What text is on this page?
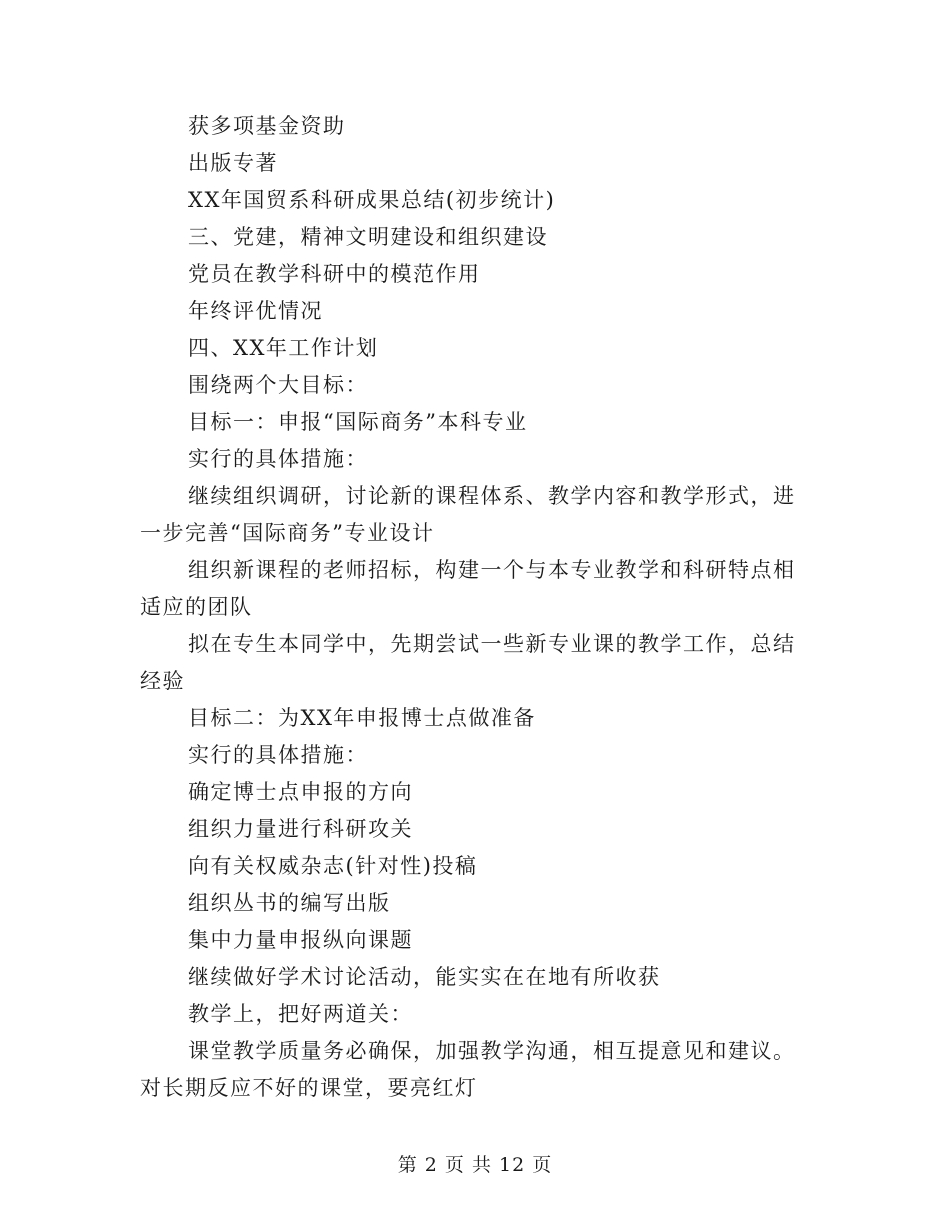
获多项基金资助

出版专著

XX年国贸系科研成果总结(初步统计)

三、党建，精神文明建设和组织建设

党员在教学科研中的模范作用

年终评优情况

四、XX年工作计划

围绕两个大目标：

目标一：申报“国际商务”本科专业

实行的具体措施：

继续组织调研，讨论新的课程体系、教学内容和教学形式，进一步完善“国际商务”专业设计

组织新课程的老师招标，构建一个与本专业教学和科研特点相适应的团队

拟在专生本同学中，先期尝试一些新专业课的教学工作，总结经验

目标二：为XX年申报博士点做准备

实行的具体措施：

确定博士点申报的方向

组织力量进行科研攻关

向有关权威杂志(针对性)投稿

组织丛书的编写出版

集中力量申报纵向课题

继续做好学术讨论活动，能实实在在地有所收获

教学上，把好两道关：

课堂教学质量务必确保，加强教学沟通，相互提意见和建议。对长期反应不好的课堂，要亮红灯

第 2 页 共 12 页
